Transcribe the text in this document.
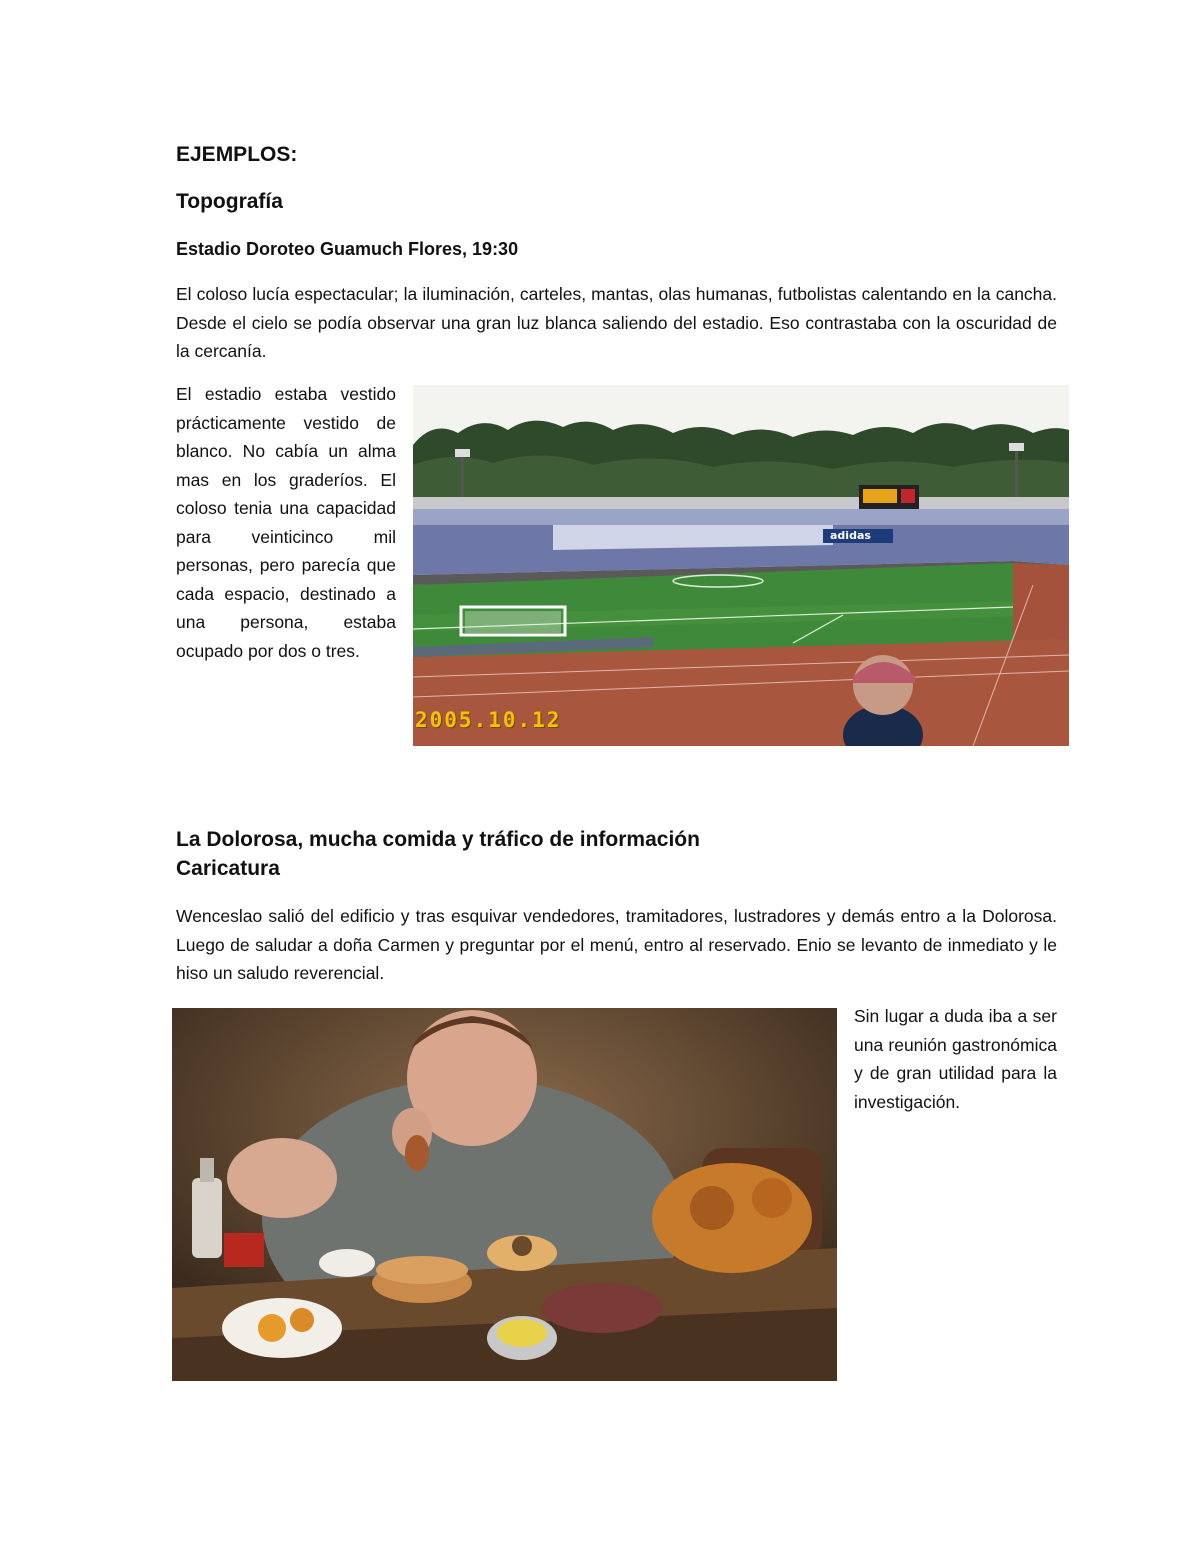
EJEMPLOS:
Topografía
Estadio Doroteo Guamuch Flores, 19:30
El coloso lucía espectacular; la iluminación, carteles, mantas, olas humanas, futbolistas calentando en la cancha. Desde el cielo se podía observar una gran luz blanca saliendo del estadio. Eso contrastaba con la oscuridad de la cercanía.
El estadio estaba vestido prácticamente vestido de blanco. No cabía un alma mas en los graderíos. El coloso tenia una capacidad para veinticinco mil personas, pero parecía que cada espacio, destinado a una persona, estaba ocupado por dos o tres.
2005.10.12
adidas
La Dolorosa, mucha comida y tráfico de información
Caricatura
Wenceslao salió del edificio y tras esquivar vendedores, tramitadores, lustradores y demás entro a la Dolorosa. Luego de saludar a doña Carmen y preguntar por el menú, entro al reservado. Enio se levanto de inmediato y le hiso un saludo reverencial.
Sin lugar a duda iba a ser una reunión gastronómica y de gran utilidad para la investigación.
